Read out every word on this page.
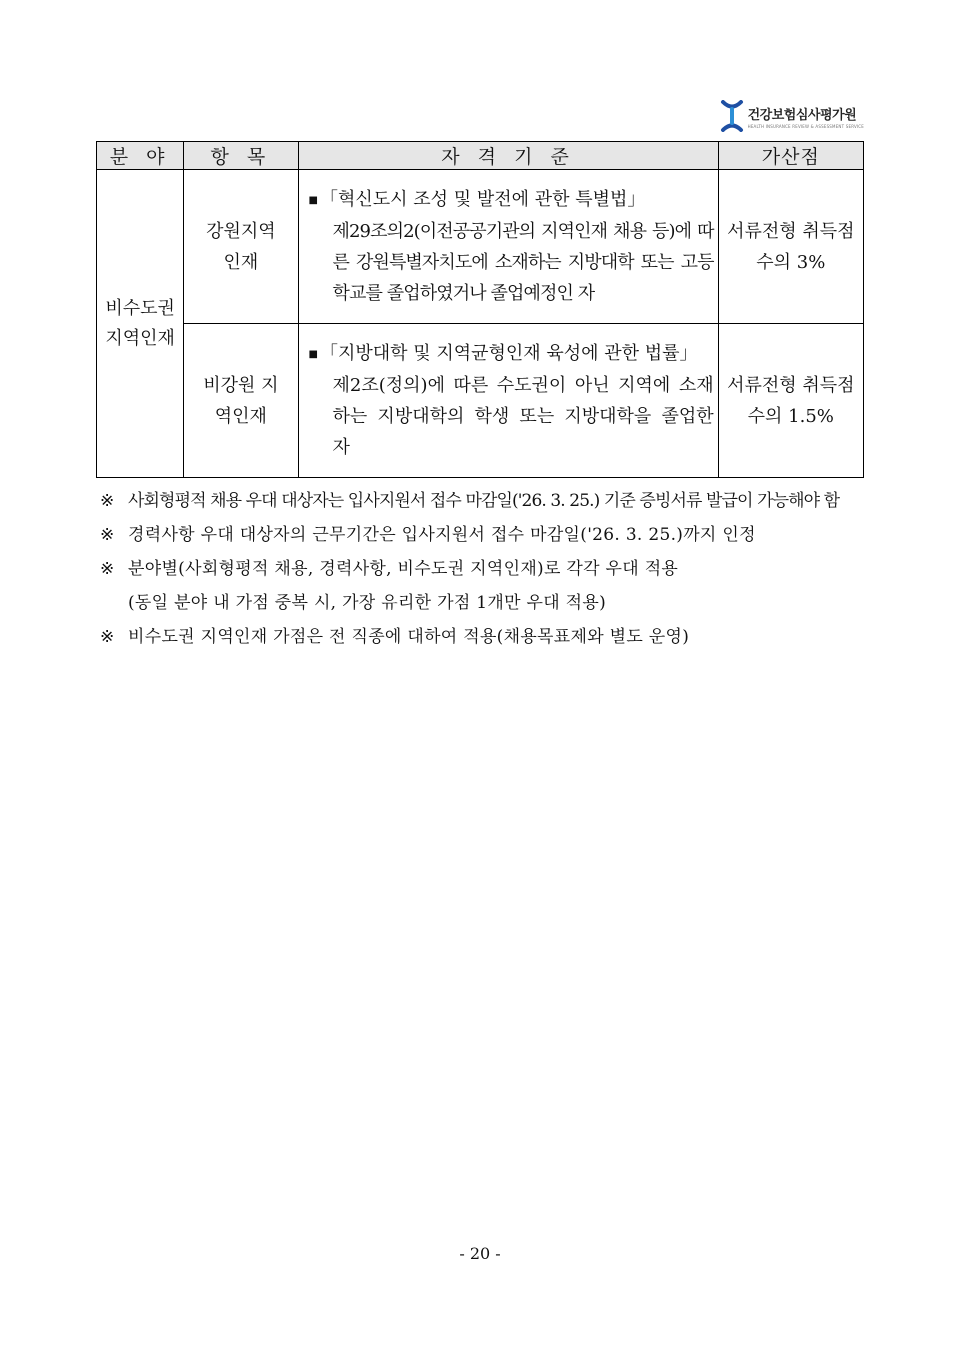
건강보험심사평가원
HEALTH INSURANCE REVIEW & ASSESSMENT SERVICE
분 야	항 목	자 격 기 준	가산점

비수도권 지역인재	강원지역 인재	■ 「혁신도시 조성 및 발전에 관한 특별법」
제29조의2(이전공공기관의 지역인재 채용 등)에 따른 강원특별자치도에 소재하는 지방대학 또는 고등학교를 졸업하였거나 졸업예정인 자	서류전형 취득점수의 3%

	비강원 지역인재	■ 「지방대학 및 지역균형인재 육성에 관한 법률」
제2조(정의)에 따른 수도권이 아닌 지역에 소재하는 지방대학의 학생 또는 지방대학을 졸업한 자	서류전형 취득점수의 1.5%
※ 사회형평적 채용 우대 대상자는 입사지원서 접수 마감일('26. 3. 25.) 기준 증빙서류 발급이 가능해야 함
※ 경력사항 우대 대상자의 근무기간은 입사지원서 접수 마감일('26. 3. 25.)까지 인정
※ 분야별(사회형평적 채용, 경력사항, 비수도권 지역인재)로 각각 우대 적용
(동일 분야 내 가점 중복 시, 가장 유리한 가점 1개만 우대 적용)
※ 비수도권 지역인재 가점은 전 직종에 대하여 적용(채용목표제와 별도 운영)
- 20 -
